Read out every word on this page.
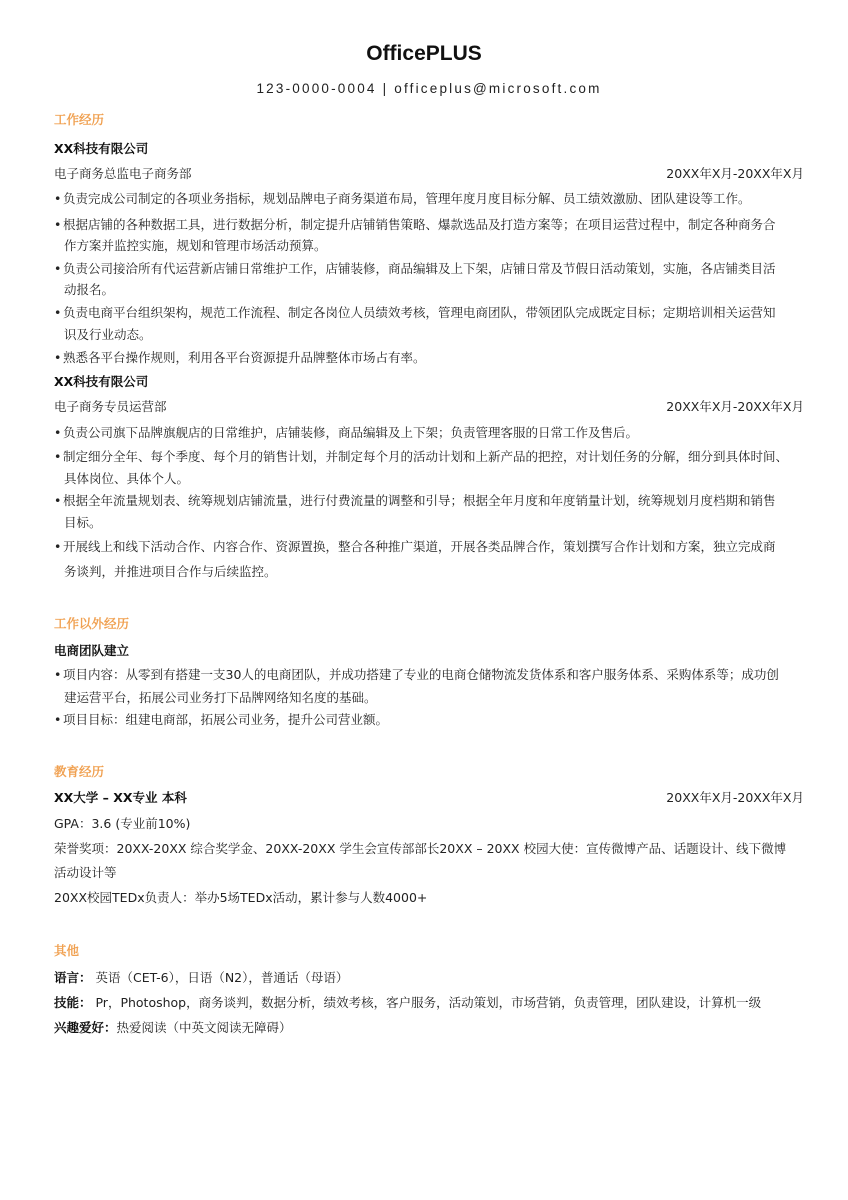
OfficePLUS
123-0000-0004 | officeplus@microsoft.com
工作经历
XX科技有限公司
电子商务总监电子商务部	20XX年X月-20XX年X月
• 负责完成公司制定的各项业务指标，规划品牌电子商务渠道布局，管理年度月度目标分解、员工绩效激励、团队建设等工作。
• 根据店铺的各种数据工具，进行数据分析，制定提升店铺销售策略、爆款选品及打造方案等；在项目运营过程中，制定各种商务合
作方案并监控实施，规划和管理市场活动预算。
• 负责公司接洽所有代运营新店铺日常维护工作，店铺装修，商品编辑及上下架，店铺日常及节假日活动策划，实施，各店铺类目活
动报名。
• 负责电商平台组织架构，规范工作流程、制定各岗位人员绩效考核，管理电商团队，带领团队完成既定目标；定期培训相关运营知
识及行业动态。
• 熟悉各平台操作规则，利用各平台资源提升品牌整体市场占有率。
XX科技有限公司
电子商务专员运营部	20XX年X月-20XX年X月
• 负责公司旗下品牌旗舰店的日常维护，店铺装修，商品编辑及上下架；负责管理客服的日常工作及售后。
• 制定细分全年、每个季度、每个月的销售计划，并制定每个月的活动计划和上新产品的把控，对计划任务的分解，细分到具体时间、
具体岗位、具体个人。
• 根据全年流量规划表、统筹规划店铺流量，进行付费流量的调整和引导；根据全年月度和年度销量计划，统筹规划月度档期和销售
目标。
• 开展线上和线下活动合作、内容合作、资源置换，整合各种推广渠道，开展各类品牌合作，策划撰写合作计划和方案，独立完成商
务谈判，并推进项目合作与后续监控。
工作以外经历
电商团队建立
• 项目内容：从零到有搭建一支30人的电商团队，并成功搭建了专业的电商仓储物流发货体系和客户服务体系、采购体系等；成功创
建运营平台，拓展公司业务打下品牌网络知名度的基础。
• 项目目标：组建电商部，拓展公司业务，提升公司营业额。
教育经历
XX大学 – XX专业 本科	20XX年X月-20XX年X月
GPA：3.6 (专业前10%)
荣誉奖项：20XX-20XX 综合奖学金、20XX-20XX 学生会宣传部部长20XX – 20XX 校园大使：宣传微博产品、话题设计、线下微博
活动设计等
20XX校园TEDx负责人：举办5场TEDx活动，累计参与人数4000+
其他
语言： 英语（CET-6），日语（N2），普通话（母语）
技能： Pr，Photoshop，商务谈判，数据分析，绩效考核，客户服务，活动策划，市场营销，负责管理，团队建设，计算机一级
兴趣爱好：热爱阅读（中英文阅读无障碍）
